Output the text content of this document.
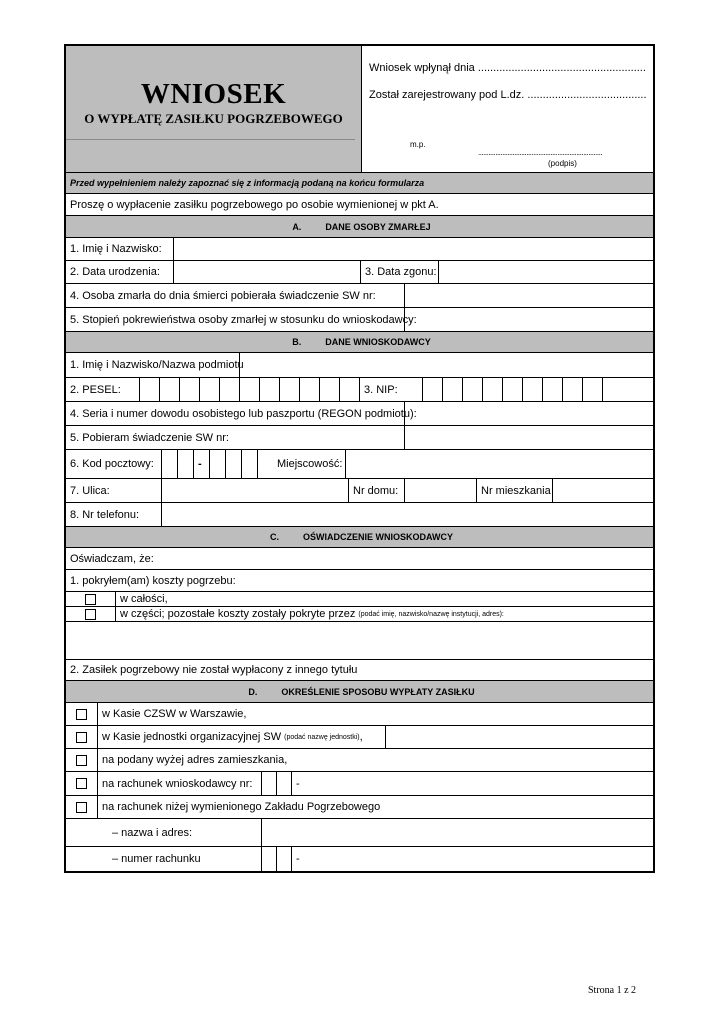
WNIOSEK
O WYPŁATĘ ZASIŁKU POGRZEBOWEGO
Wniosek wpłynął dnia .......................................................
Został zarejestrowany pod L.dz. .......................................
m.p.
........................................................................
(podpis)
Przed wypełnieniem należy zapoznać się z informacją podaną na końcu formularza
Proszę o wypłacenie zasiłku pogrzebowego po osobie wymienionej w pkt A.
A.	DANE OSOBY ZMARŁEJ
1. Imię i Nazwisko:
2. Data urodzenia:	3. Data zgonu:
4. Osoba zmarła do dnia śmierci pobierała świadczenie SW nr:
5. Stopień pokrewieństwa osoby zmarłej w stosunku do wnioskodawcy:
B.	DANE WNIOSKODAWCY
1. Imię i Nazwisko/Nazwa podmiotu
2. PESEL:	3. NIP:
4. Seria i numer dowodu osobistego lub paszportu (REGON podmiotu):
5. Pobieram świadczenie SW nr:
6. Kod pocztowy:	-	Miejscowość:
7. Ulica:	Nr domu:	Nr mieszkania
8. Nr telefonu:
C.	OŚWIADCZENIE WNIOSKODAWCY
Oświadczam, że:
1. pokryłem(am) koszty pogrzebu:
w całości,
w części; pozostałe koszty zostały pokryte przez (podać imię, nazwisko/nazwę instytucji, adres):
2. Zasiłek pogrzebowy nie został wypłacony z innego tytułu
D.	OKREŚLENIE SPOSOBU WYPŁATY ZASIŁKU
w Kasie CZSW w Warszawie,
w Kasie jednostki organizacyjnej SW (podać nazwę jednostki) ,
na podany wyżej adres zamieszkania,
na rachunek wnioskodawcy nr:	-
na rachunek niżej wymienionego Zakładu Pogrzebowego
– nazwa i adres:
– numer rachunku	-
Strona 1 z 2
